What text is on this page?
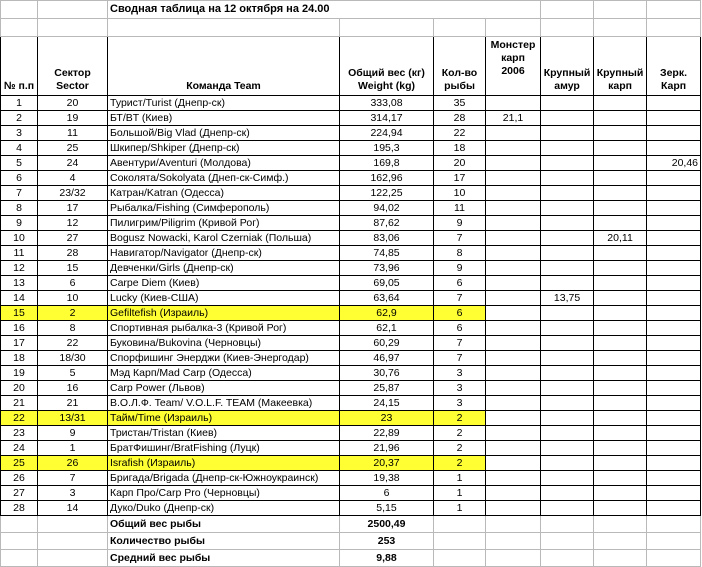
		Сводная таблица на 12 октября на 24.00						

№ п.п	Сектор Sector	Команда Team	Общий вес (кг) Weight (kg)	Кол-во рыбы	Монстер карп 2006	Крупный амур	Крупный карп	Зерк. Карп
1	20	Турист/Turist (Днепр-ск)	333,08	35				
2	19	БТ/BT (Киев)	314,17	28	21,1			
3	11	Большой/Big Vlad (Днепр-ск)	224,94	22				
4	25	Шкипер/Shkiper (Днепр-ск)	195,3	18				
5	24	Авентури/Aventuri (Молдова)	169,8	20				20,46
6	4	Соколята/Sokolyata (Днеп-ск-Симф.)	162,96	17				
7	23/32	Катран/Katran (Одесса)	122,25	10				
8	17	Рыбалка/Fishing (Симферополь)	94,02	11				
9	12	Пилигрим/Piligrim (Кривой Рог)	87,62	9				
10	27	Bogusz Nowacki, Karol Czerniak (Польша)	83,06	7			20,11	
11	28	Навигатор/Navigator (Днепр-ск)	74,85	8				
12	15	Девченки/Girls (Днепр-ск)	73,96	9				
13	6	Carpe Diem (Киев)	69,05	6				
14	10	Lucky (Киев-США)	63,64	7		13,75		
15	2	Gefiltefish (Израиль)	62,9	6				
16	8	Спортивная рыбалка-3 (Кривой Рог)	62,1	6				
17	22	Буковина/Bukovina (Черновцы)	60,29	7				
18	18/30	Спорфишинг Энерджи (Киев-Энергодар)	46,97	7				
19	5	Мэд Карп/Mad Carp (Одесса)	30,76	3				
20	16	Carp Power (Львов)	25,87	3				
21	21	В.О.Л.Ф. Team/ V.O.L.F. TEAM (Макеевка)	24,15	3				
22	13/31	Тайм/Time (Израиль)	23	2				
23	9	Тристан/Tristan (Киев)	22,89	2				
24	1	БратФишинг/BratFishing (Луцк)	21,96	2				
25	26	Israfish (Израиль)	20,37	2				
26	7	Бригада/Brigada (Днепр-ск-Южноукраинск)	19,38	1				
27	3	Карп Про/Carp Pro (Черновцы)	6	1				
28	14	Дуко/Duko (Днепр-ск)	5,15	1				
		Общий вес рыбы	2500,49					
		Количество рыбы	253					
		Средний вес рыбы	9,88					
